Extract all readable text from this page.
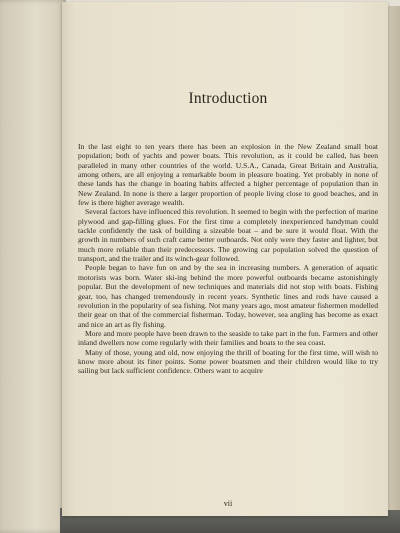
Introduction

In the last eight to ten years there has been an explosion in the New Zealand small boat population; both of yachts and power boats. This revolution, as it could be called, has been paralleled in many other countries of the world. U.S.A., Canada, Great Britain and Australia, among others, are all enjoying a remarkable boom in pleasure boating. Yet probably in none of these lands has the change in boating habits affected a higher percentage of population than in New Zealand. In none is there a larger proportion of people living close to good beaches, and in few is there higher average wealth.

Several factors have influenced this revolution. It seemed to begin with the perfection of marine plywood and gap-filling glues. For the first time a completely inexperienced handyman could tackle confidently the task of building a sizeable boat – and be sure it would float. With the growth in numbers of such craft came better outboards. Not only were they faster and lighter, but much more reliable than their predecessors. The growing car population solved the question of transport, and the trailer and its winch-gear followed.

People began to have fun on and by the sea in increasing numbers. A generation of aquatic motorists was born. Water ski-ing behind the more powerful outboards became astonishingly popular. But the development of new techniques and materials did not stop with boats. Fishing gear, too, has changed tremendously in recent years. Synthetic lines and rods have caused a revolution in the popularity of sea fishing. Not many years ago, most amateur fishermen modelled their gear on that of the commercial fisherman. Today, however, sea angling has become as exact and nice an art as fly fishing.

More and more people have been drawn to the seaside to take part in the fun. Farmers and other inland dwellers now come regularly with their families and boats to the sea coast.

Many of those, young and old, now enjoying the thrill of boating for the first time, will wish to know more about its finer points. Some power boatsmen and their children would like to try sailing but lack sufficient confidence. Others want to acquire

vii
